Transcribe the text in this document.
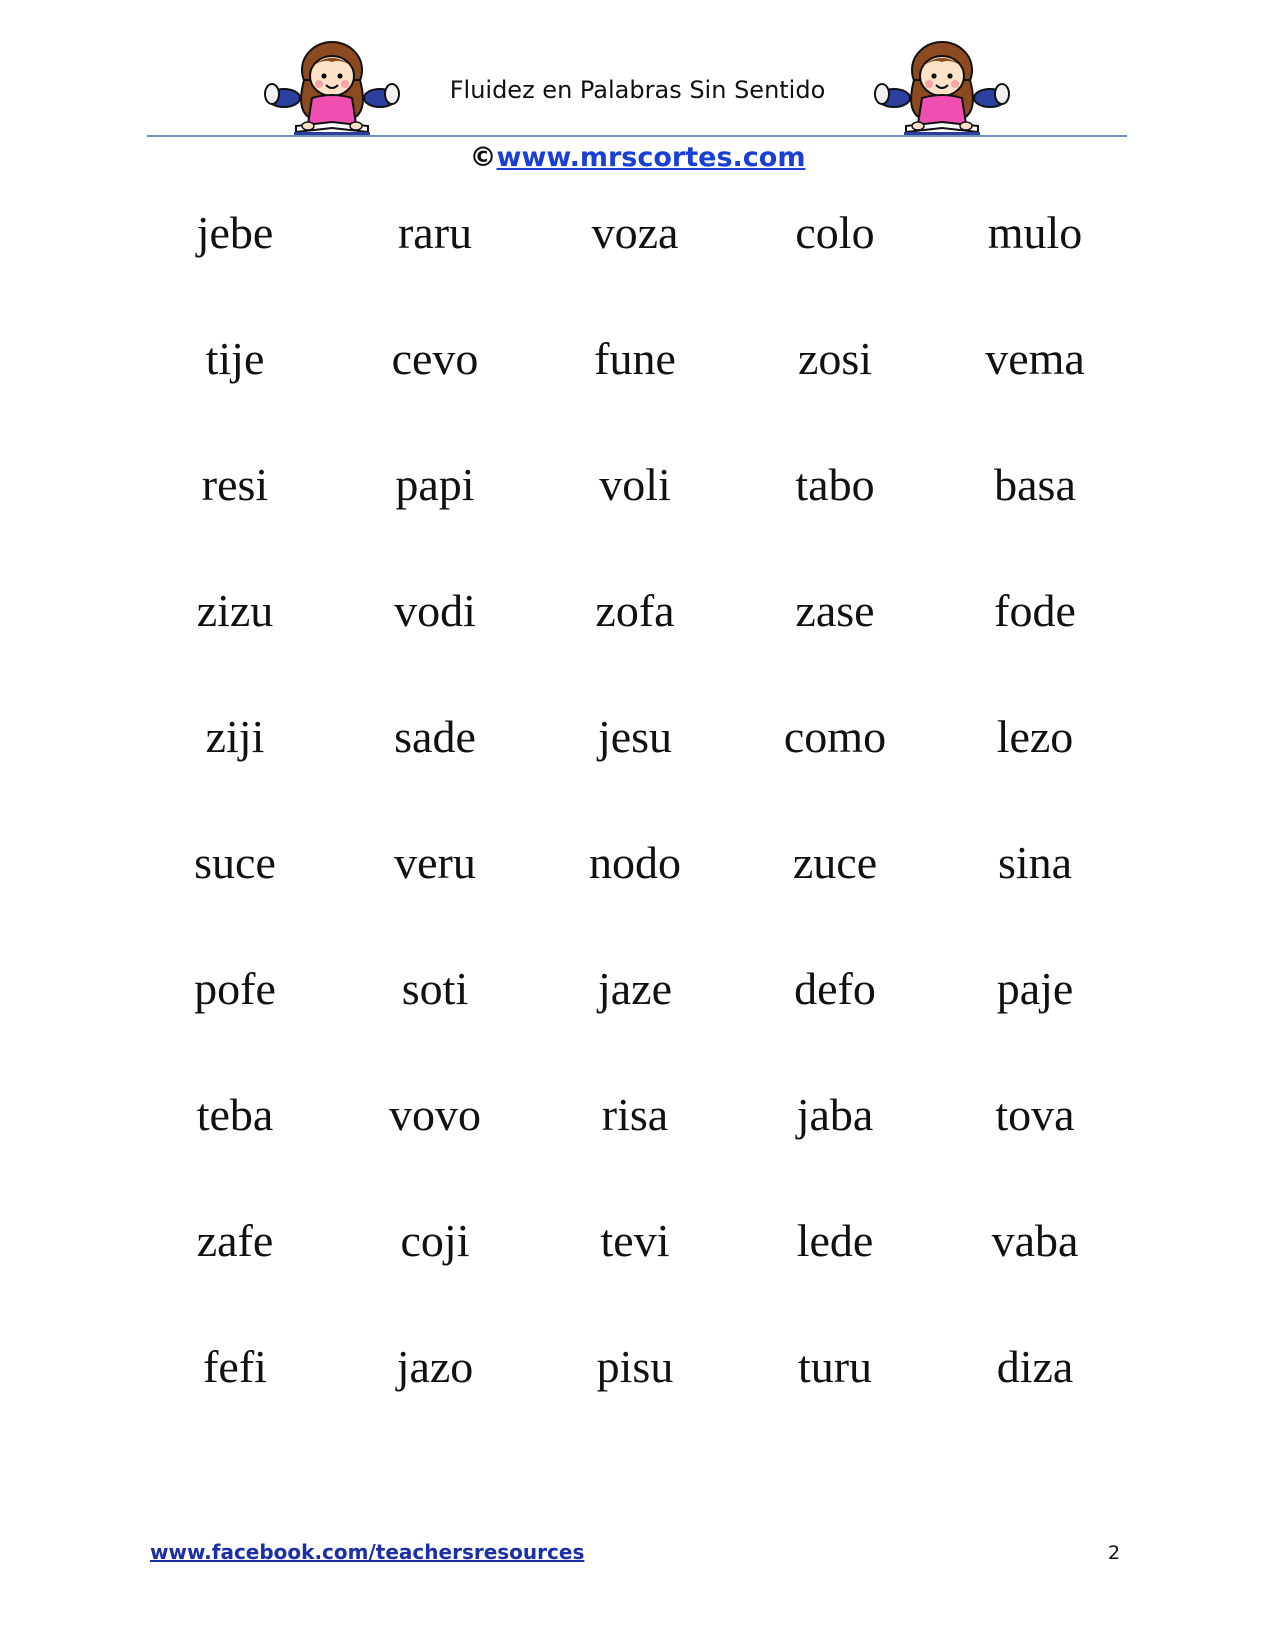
Fluidez en Palabras Sin Sentido
©www.mrscortes.com
jebe	raru	voza	colo	mulo
tije	cevo	fune	zosi	vema
resi	papi	voli	tabo	basa
zizu	vodi	zofa	zase	fode
ziji	sade	jesu	como	lezo
suce	veru	nodo	zuce	sina
pofe	soti	jaze	defo	paje
teba	vovo	risa	jaba	tova
zafe	coji	tevi	lede	vaba
fefi	jazo	pisu	turu	diza
www.facebook.com/teachersresources	2
